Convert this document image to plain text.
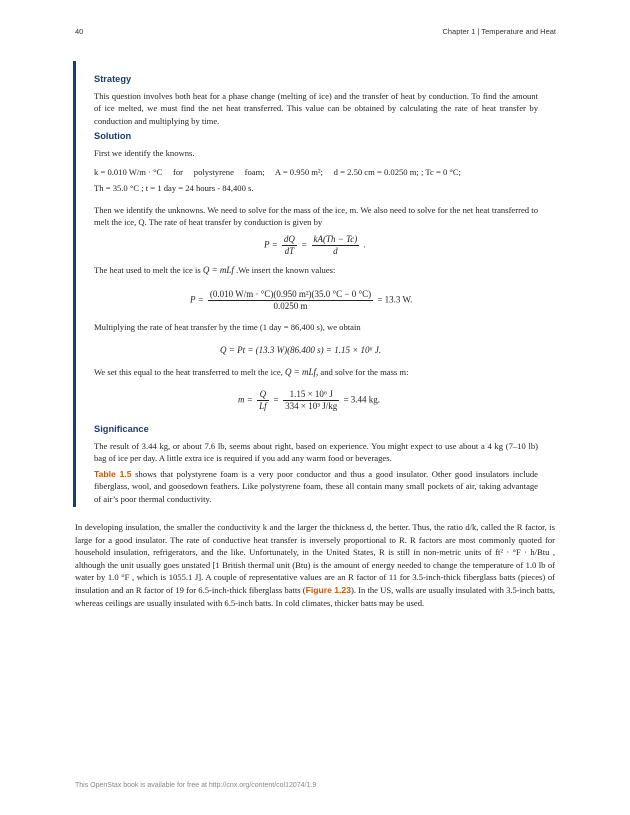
40	Chapter 1 | Temperature and Heat
Strategy
This question involves both heat for a phase change (melting of ice) and the transfer of heat by conduction. To find the amount of ice melted, we must find the net heat transferred. This value can be obtained by calculating the rate of heat transfer by conduction and multiplying by time.
Solution
First we identify the knowns.
k = 0.010 W/m · °C     for     polystyrene     foam;     A = 0.950 m²;     d = 2.50 cm = 0.0250 m; ; Tc = 0 °C;
Th = 35.0 °C ; t = 1 day = 24 hours - 84,400 s.
Then we identify the unknowns. We need to solve for the mass of the ice, m. We also need to solve for the net heat transferred to melt the ice, Q. The rate of heat transfer by conduction is given by
$P = \frac{dQ}{dT} = \frac{kA(Th - Tc)}{d}$ .
The heat used to melt the ice is Q = mLf .We insert the known values:
$P = \frac{\text{(0.010 W/m · °C)(0.950 m²)(35.0 °C − 0 °C)}}{0.0250 m} = 13.3$ W.
Multiplying the rate of heat transfer by the time (1 day = 86,400 s), we obtain
Q = Pt = (13.3 W)(86.400 s) = 1.15 × 10⁶ J.
We set this equal to the heat transferred to melt the ice, Q = mLf, and solve for the mass m:
$m = \frac{Q}{Lf} = \frac{\text{1.15 × 10⁶ J}}{\text{334 × 10³ J/kg}} = 3.44$ kg.
Significance
The result of 3.44 kg, or about 7.6 lb, seems about right, based on experience. You might expect to use about a 4 kg (7–10 lb) bag of ice per day. A little extra ice is required if you add any warm food or beverages.
Table 1.5 shows that polystyrene foam is a very poor conductor and thus a good insulator. Other good insulators include fiberglass, wool, and goosedown feathers. Like polystyrene foam, these all contain many small pockets of air, taking advantage of air’s poor thermal conductivity.
In developing insulation, the smaller the conductivity k and the larger the thickness d, the better. Thus, the ratio d/k, called the R factor, is large for a good insulator. The rate of conductive heat transfer is inversely proportional to R. R factors are most commonly quoted for household insulation, refrigerators, and the like. Unfortunately, in the United States, R is still in non-metric units of ft² · °F · h/Btu , although the unit usually goes unstated [1 British thermal unit (Btu) is the amount of energy needed to change the temperature of 1.0 lb of water by 1.0 °F , which is 1055.1 J]. A couple of representative values are an R factor of 11 for 3.5-inch-thick fiberglass batts (pieces) of insulation and an R factor of 19 for 6.5-inch-thick fiberglass batts (Figure 1.23). In the US, walls are usually insulated with 3.5-inch batts, whereas ceilings are usually insulated with 6.5-inch batts. In cold climates, thicker batts may be used.
This OpenStax book is available for free at http://cnx.org/content/col12074/1.9
